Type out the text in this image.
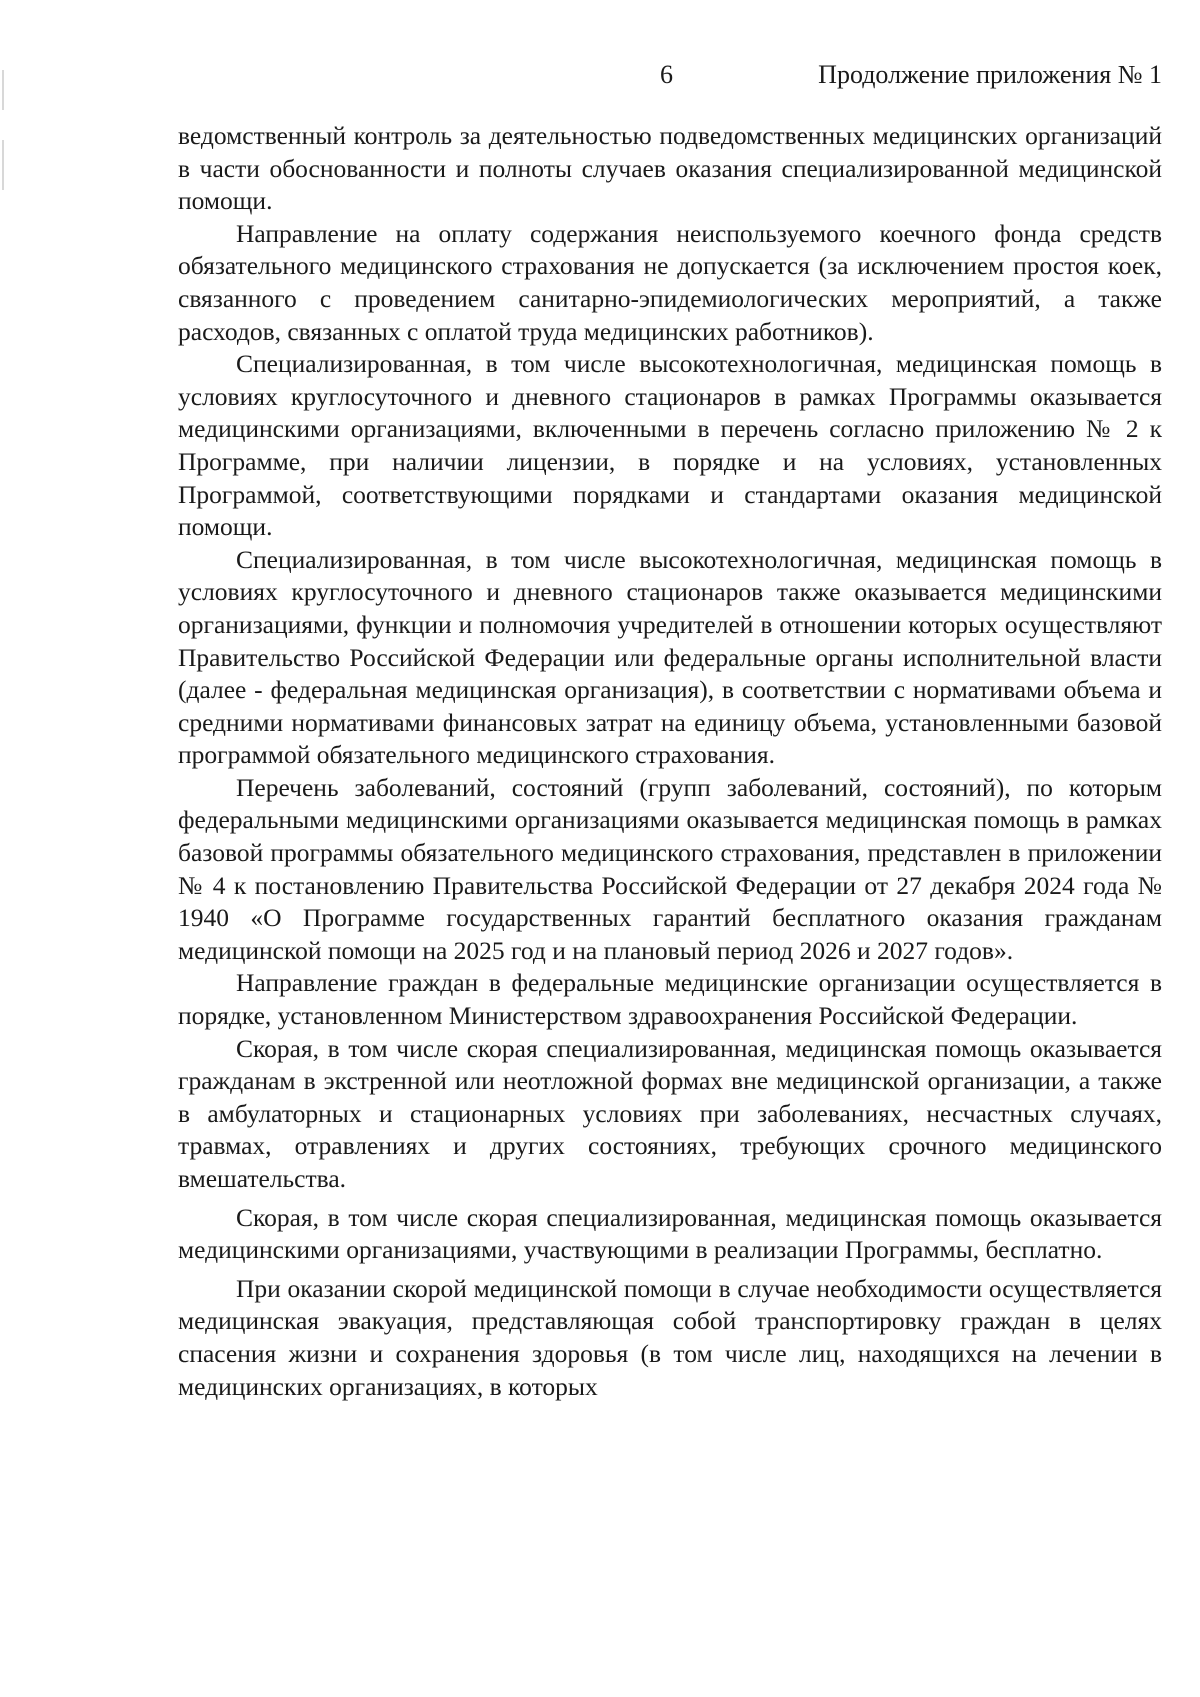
6	Продолжение приложения № 1

ведомственный контроль за деятельностью подведомственных медицинских организаций в части обоснованности и полноты случаев оказания специализированной медицинской помощи.

Направление на оплату содержания неиспользуемого коечного фонда средств обязательного медицинского страхования не допускается (за исключением простоя коек, связанного с проведением санитарно-эпидемиологических мероприятий, а также расходов, связанных с оплатой труда медицинских работников).

Специализированная, в том числе высокотехнологичная, медицинская помощь в условиях круглосуточного и дневного стационаров в рамках Программы оказывается медицинскими организациями, включенными в перечень согласно приложению № 2 к Программе, при наличии лицензии, в порядке и на условиях, установленных Программой, соответствующими порядками и стандартами оказания медицинской помощи.

Специализированная, в том числе высокотехнологичная, медицинская помощь в условиях круглосуточного и дневного стационаров также оказывается медицинскими организациями, функции и полномочия учредителей в отношении которых осуществляют Правительство Российской Федерации или федеральные органы исполнительной власти (далее - федеральная медицинская организация), в соответствии с нормативами объема и средними нормативами финансовых затрат на единицу объема, установленными базовой программой обязательного медицинского страхования.

Перечень заболеваний, состояний (групп заболеваний, состояний), по которым федеральными медицинскими организациями оказывается медицинская помощь в рамках базовой программы обязательного медицинского страхования, представлен в приложении № 4 к постановлению Правительства Российской Федерации от 27 декабря 2024 года № 1940 «О Программе государственных гарантий бесплатного оказания гражданам медицинской помощи на 2025 год и на плановый период 2026 и 2027 годов».

Направление граждан в федеральные медицинские организации осуществляется в порядке, установленном Министерством здравоохранения Российской Федерации.

Скорая, в том числе скорая специализированная, медицинская помощь оказывается гражданам в экстренной или неотложной формах вне медицинской организации, а также в амбулаторных и стационарных условиях при заболеваниях, несчастных случаях, травмах, отравлениях и других состояниях, требующих срочного медицинского вмешательства.

Скорая, в том числе скорая специализированная, медицинская помощь оказывается медицинскими организациями, участвующими в реализации Программы, бесплатно.

При оказании скорой медицинской помощи в случае необходимости осуществляется медицинская эвакуация, представляющая собой транспортировку граждан в целях спасения жизни и сохранения здоровья (в том числе лиц, находящихся на лечении в медицинских организациях, в которых
